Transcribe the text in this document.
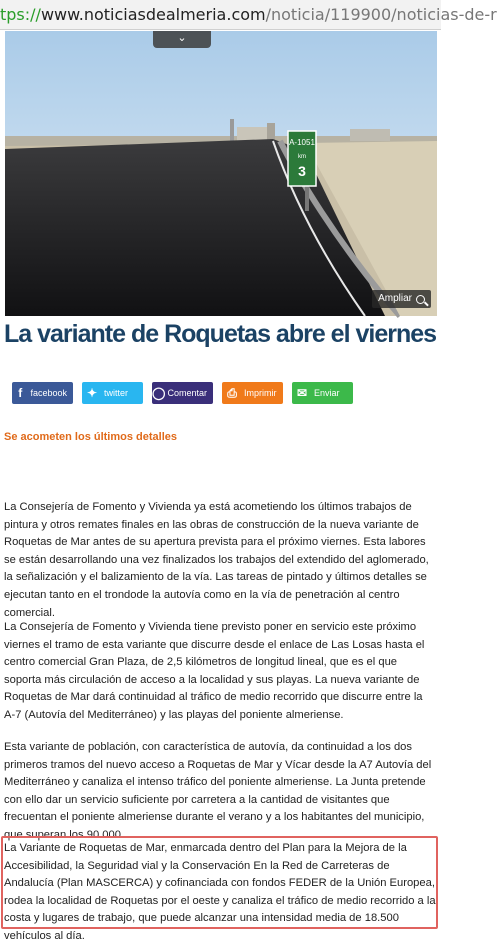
tps://www.noticiasdealmeria.com/noticia/119900/noticias-de-r
A-1051
km
3
⌄
Ampliar
La variante de Roquetas abre el viernes
f facebook	✦ twitter ◯ Comentar	⎙ Imprimir	✉ Enviar
Se acometen los últimos detalles

La Consejería de Fomento y Vivienda ya está acometiendo los últimos trabajos de pintura y otros remates finales en las obras de construcción de la nueva variante de Roquetas de Mar antes de su apertura prevista para el próximo viernes. Esta labores se están desarrollando una vez finalizados los trabajos del extendido del aglomerado, la señalización y el balizamiento de la vía. Las tareas de pintado y últimos detalles se ejecutan tanto en el trondode la autovía como en la vía de penetración al centro comercial.

La Consejería de Fomento y Vivienda tiene previsto poner en servicio este próximo viernes el tramo de esta variante que discurre desde el enlace de Las Losas hasta el centro comercial Gran Plaza, de 2,5 kilómetros de longitud lineal, que es el que soporta más circulación de acceso a la localidad y sus playas. La nueva variante de Roquetas de Mar dará continuidad al tráfico de medio recorrido que discurre entre la A-7 (Autovía del Mediterráneo) y las playas del poniente almeriense.

Esta variante de población, con característica de autovía, da continuidad a los dos primeros tramos del nuevo acceso a Roquetas de Mar y Vícar desde la A7 Autovía del Mediterráneo y canaliza el intenso tráfico del poniente almeriense. La Junta pretende con ello dar un servicio suficiente por carretera a la cantidad de visitantes que frecuentan el poniente almeriense durante el verano y a los habitantes del municipio, que superan los 90.000.

La Variante de Roquetas de Mar, enmarcada dentro del Plan para la Mejora de la Accesibilidad, la Seguridad vial y la Conservación En la Red de Carreteras de Andalucía (Plan MASCERCA) y cofinanciada con fondos FEDER de la Unión Europea, rodea la localidad de Roquetas por el oeste y canaliza el tráfico de medio recorrido a la costa y lugares de trabajo, que puede alcanzar una intensidad media de 18.500 vehículos al día.
